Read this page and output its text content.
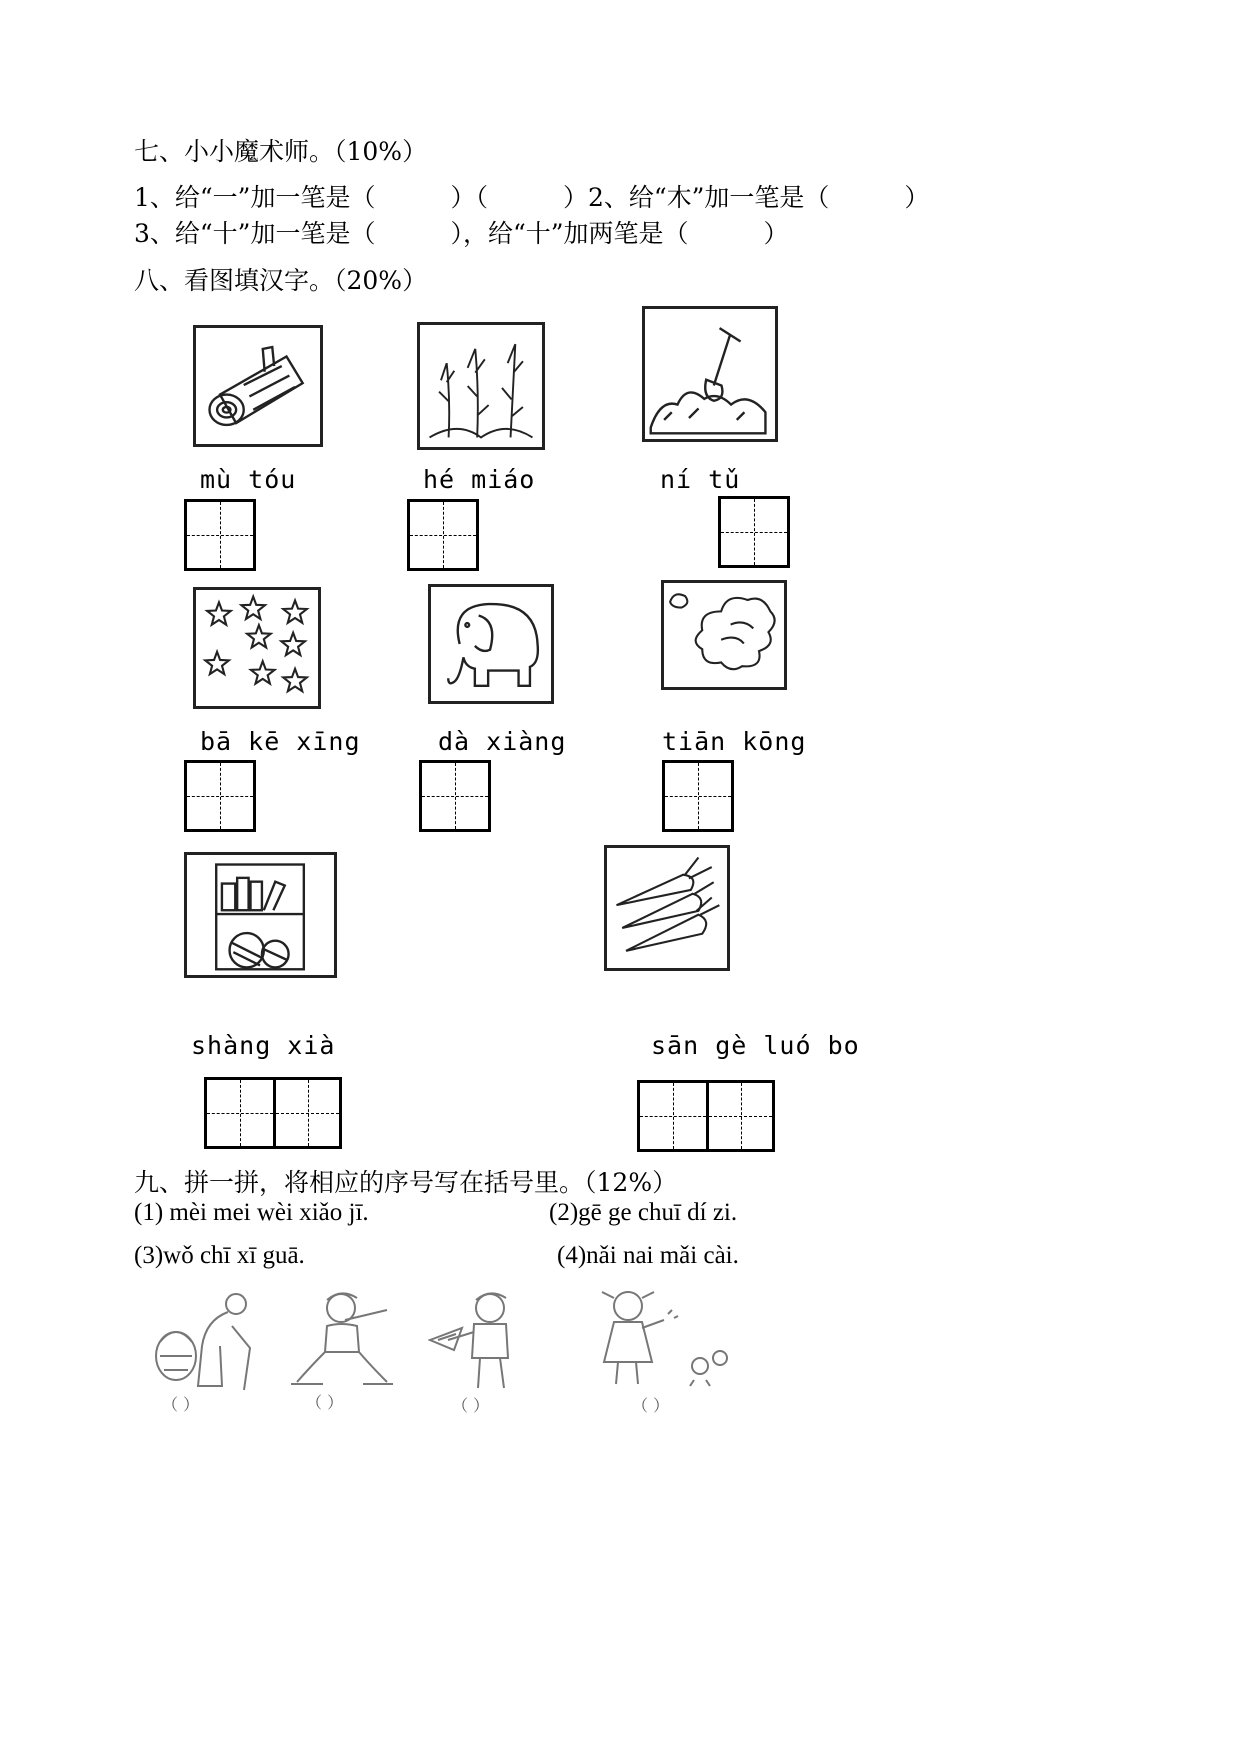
七、小小魔术师。（10%）
1、给“一”加一笔是（　　　）（　　　）2、给“木”加一笔是（　　　）
3、给“十”加一笔是（　　　），给“十”加两笔是（　　　）
八、看图填汉字。（20%）
mù tóu	hé miáo	ní tǔ
bā kē xīng	dà xiàng	tiān kōng
shàng xià	sān gè luó bo
九、拼一拼，将相应的序号写在括号里。（12%）
(1) mèi mei wèi xiǎo jī.	(2)gē ge chuī dí zi.
(3)wǒ chī xī guā.	(4)nǎi nai mǎi cài.
（ ）	（ ）	（ ）	（ ）
